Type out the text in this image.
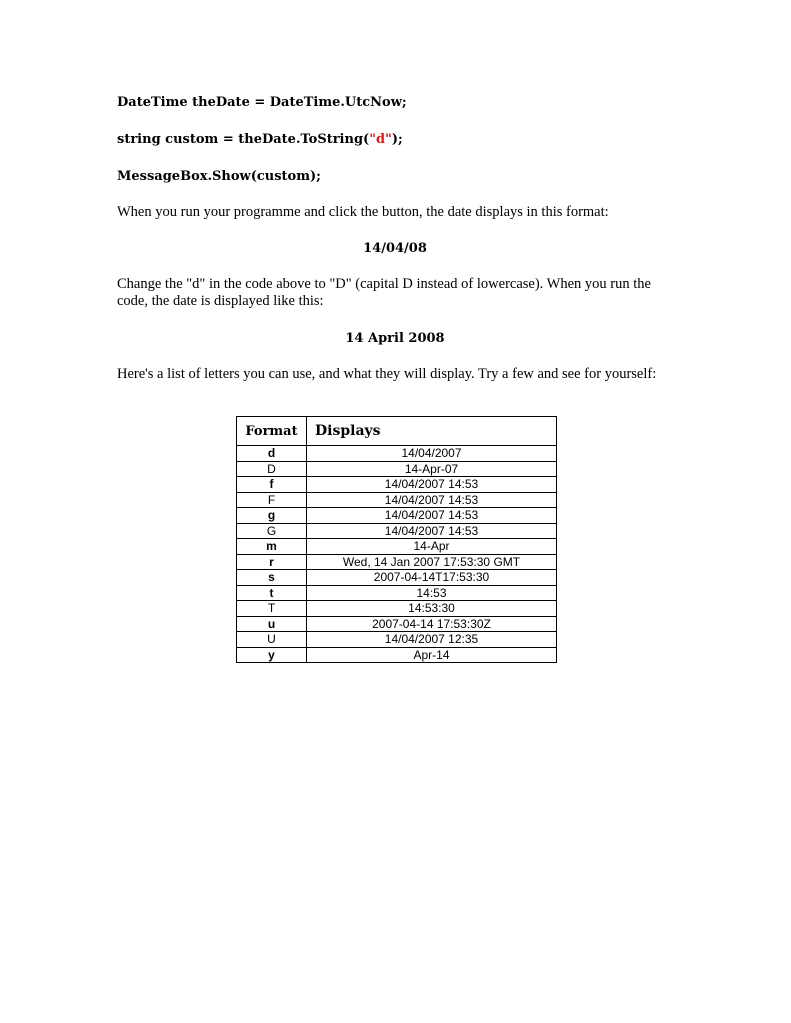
DateTime theDate = DateTime.UtcNow;

string custom = theDate.ToString("d");

MessageBox.Show(custom);

When you run your programme and click the button, the date displays in this format:

14/04/08

Change the "d" in the code above to "D" (capital D instead of lowercase). When you run the code, the date is displayed like this:

14 April 2008

Here's a list of letters you can use, and what they will display. Try a few and see for yourself:

Format	Displays
d	14/04/2007
D	14-Apr-07
f	14/04/2007 14:53
F	14/04/2007 14:53
g	14/04/2007 14:53
G	14/04/2007 14:53
m	14-Apr
r	Wed, 14 Jan 2007 17:53:30 GMT
s	2007-04-14T17:53:30
t	14:53
T	14:53:30
u	2007-04-14 17:53:30Z
U	14/04/2007 12:35
y	Apr-14
